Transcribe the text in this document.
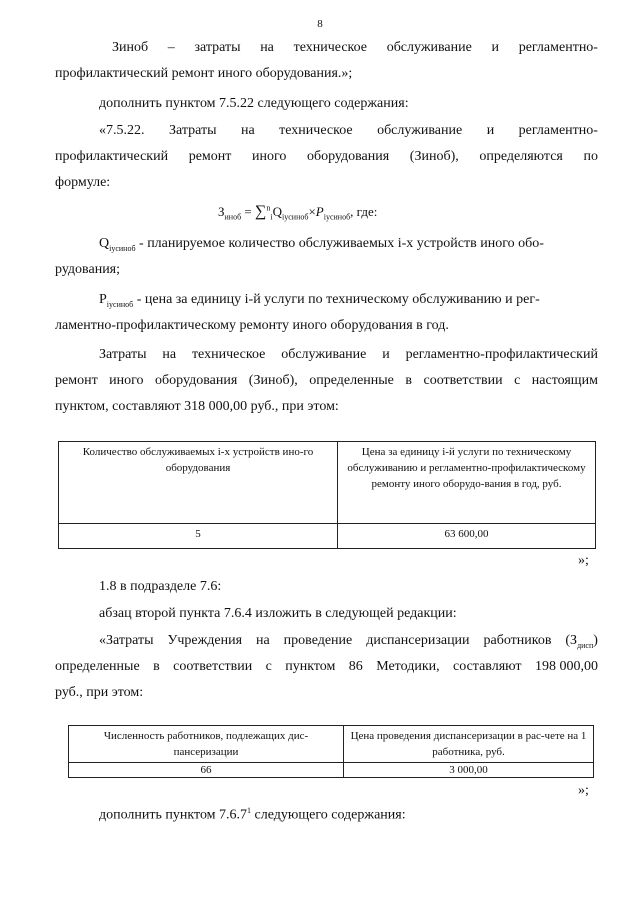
8
Зиноб – затраты на техническое обслуживание и регламентно-
профилактический ремонт иного оборудования.»;
дополнить пунктом 7.5.22 следующего содержания:
«7.5.22. Затраты на техническое обслуживание и регламентно-
профилактический ремонт иного оборудования (Зиноб), определяются по
формуле:
$З_{иноб} = \sum^n_iQ_{iусиноб}\times P_{iусиноб}$, где:
$Q_{iусиноб}$ - планируемое количество обслуживаемых i-х устройств иного обо-
рудования;
$P_{iусиноб}$ - цена за единицу i-й услуги по техническому обслуживанию и рег-
ламентно-профилактическому ремонту иного оборудования в год.
Затраты на техническое обслуживание и регламентно-профилактический
ремонт иного оборудования (Зиноб), определенные в соответствии с настоящим
пунктом, составляют 318 000,00 руб., при этом:
Количество обслуживаемых i-х устройств ино-го оборудования	Цена за единицу i-й услуги по техническому обслуживанию и регламентно-профилактическому ремонту иного оборудо-вания в год, руб.
5	63 600,00
»;
1.8 в подразделе 7.6:
абзац второй пункта 7.6.4 изложить в следующей редакции:
«Затраты Учреждения на проведение диспансеризации работников $(З_{дисп})$
определенные в соответствии с пунктом 86 Методики, составляют 198 000,00
руб., при этом:
Численность работников, подлежащих дис-пансеризации	Цена проведения диспансеризации в рас-чете на 1 работника, руб.
66	3 000,00
»;
дополнить пунктом 7.6.7$^1$ следующего содержания:
